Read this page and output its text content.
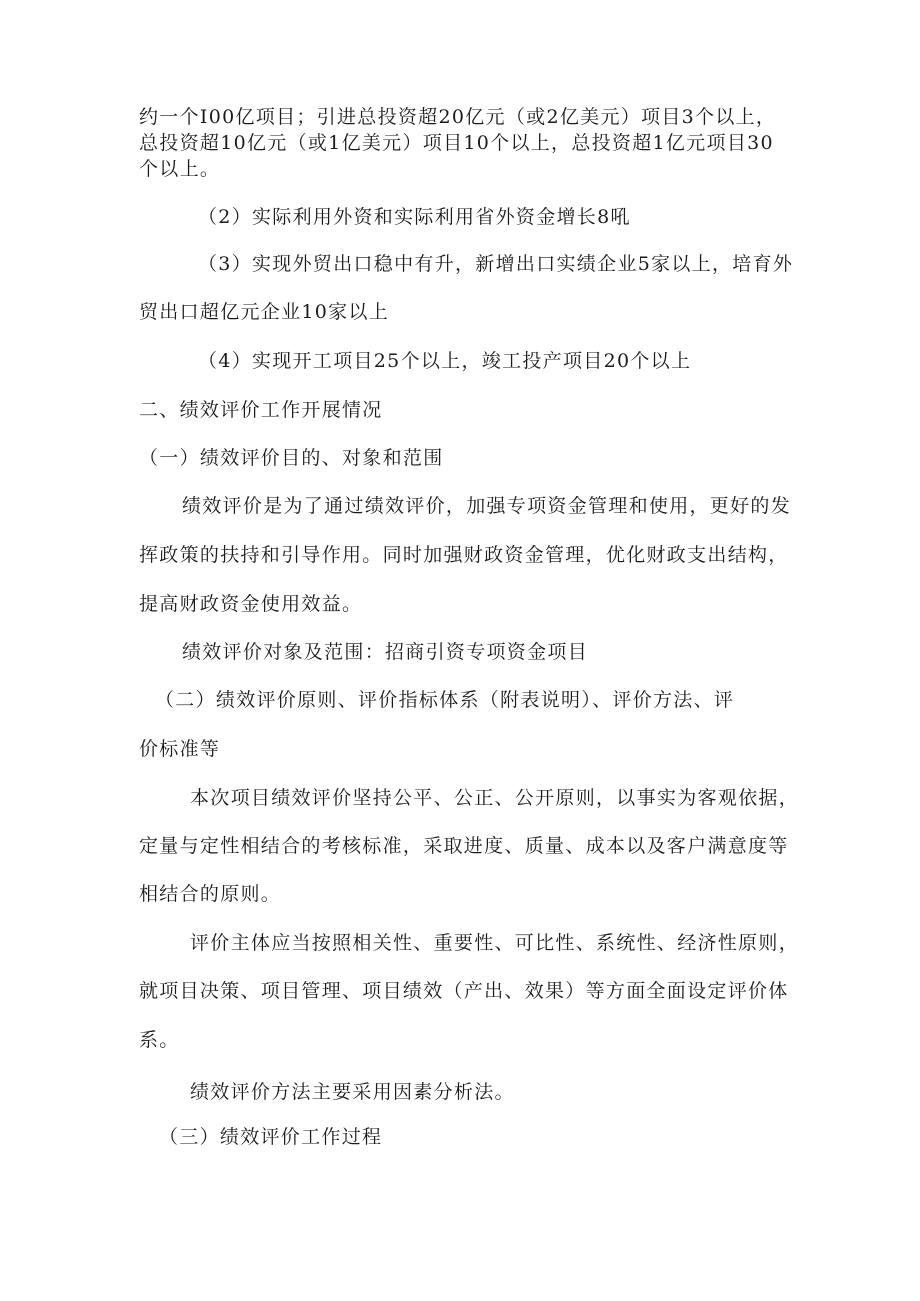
约一个I00亿项目；引进总投资超20亿元（或2亿美元）项目3个以上，
总投资超10亿元（或1亿美元）项目10个以上，总投资超1亿元项目30
个以上。
（2）实际利用外资和实际利用省外资金增长8吼
（3）实现外贸出口稳中有升，新增出口实绩企业5家以上，培育外
贸出口超亿元企业10家以上
（4）实现开工项目25个以上，竣工投产项目20个以上
二、绩效评价工作开展情况
（一）绩效评价目的、对象和范围
绩效评价是为了通过绩效评价，加强专项资金管理和使用，更好的发
挥政策的扶持和引导作用。同时加强财政资金管理，优化财政支出结构，
提高财政资金使用效益。
绩效评价对象及范围：招商引资专项资金项目
（二）绩效评价原则、评价指标体系（附表说明）、评价方法、评
价标准等
本次项目绩效评价坚持公平、公正、公开原则，以事实为客观依据，
定量与定性相结合的考核标准，采取进度、质量、成本以及客户满意度等
相结合的原则。
评价主体应当按照相关性、重要性、可比性、系统性、经济性原则，
就项目决策、项目管理、项目绩效（产出、效果）等方面全面设定评价体
系。
绩效评价方法主要采用因素分析法。
（三）绩效评价工作过程
